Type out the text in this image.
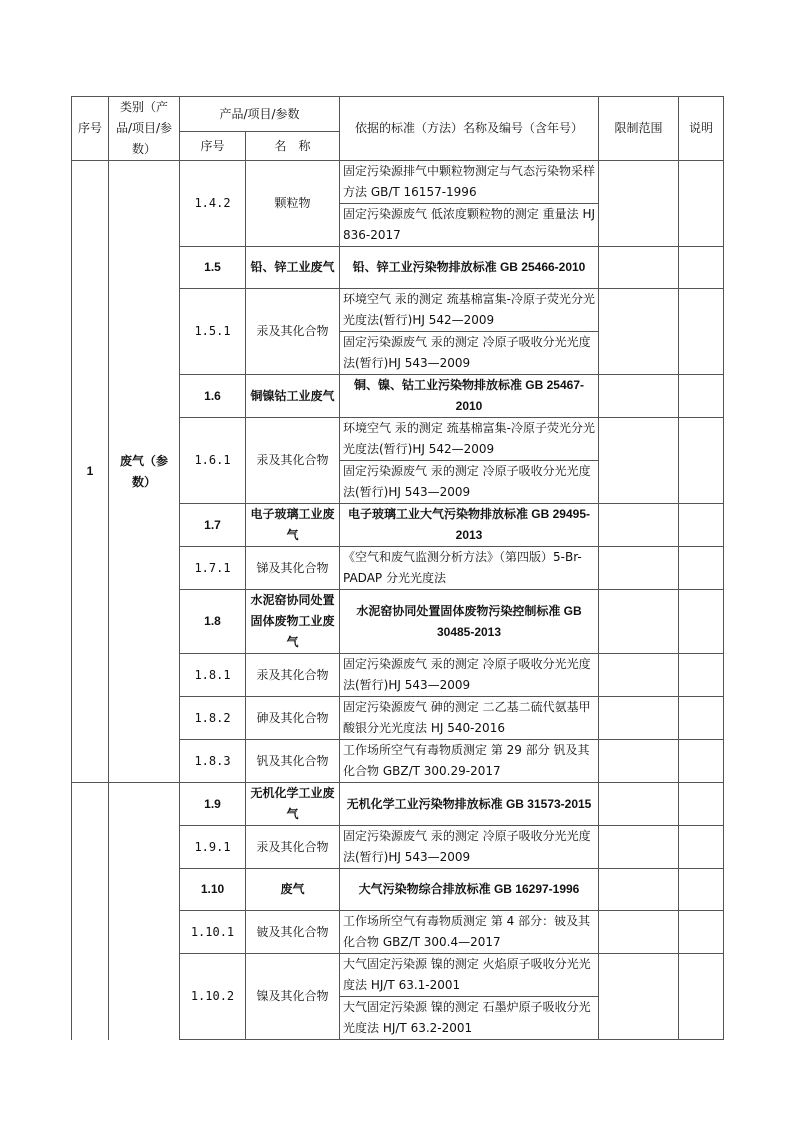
序号	类别（产品/项目/参数）	产品/项目/参数		依据的标准（方法）名称及编号（含年号）	限制范围	说明
		序号	名　称			
1	废气（参数）	1.4.2	颗粒物	固定污染源排气中颗粒物测定与气态污染物采样方法 GB/T 16157-1996		
				固定污染源废气 低浓度颗粒物的测定 重量法 HJ 836-2017		
		1.5	铅、锌工业废气	铅、锌工业污染物排放标准 GB 25466-2010		
		1.5.1	汞及其化合物	环境空气 汞的测定 巯基棉富集-冷原子荧光分光光度法(暂行)HJ 542—2009		
				固定污染源废气 汞的测定 冷原子吸收分光光度法(暂行)HJ 543—2009		
		1.6	铜镍钴工业废气	铜、镍、钴工业污染物排放标准 GB 25467-2010		
		1.6.1	汞及其化合物	环境空气 汞的测定 巯基棉富集-冷原子荧光分光光度法(暂行)HJ 542—2009		
				固定污染源废气 汞的测定 冷原子吸收分光光度法(暂行)HJ 543—2009		
		1.7	电子玻璃工业废气	电子玻璃工业大气污染物排放标准 GB 29495-2013		
		1.7.1	锑及其化合物	《空气和废气监测分析方法》（第四版）5-Br-PADAP 分光光度法		
		1.8	水泥窑协同处置固体废物工业废气	水泥窑协同处置固体废物污染控制标准 GB 30485-2013		
		1.8.1	汞及其化合物	固定污染源废气 汞的测定 冷原子吸收分光光度法(暂行)HJ 543—2009		
		1.8.2	砷及其化合物	固定污染源废气 砷的测定 二乙基二硫代氨基甲酸银分光光度法 HJ 540-2016		
		1.8.3	钒及其化合物	工作场所空气有毒物质测定 第 29 部分 钒及其化合物 GBZ/T 300.29-2017		

		1.9	无机化学工业废气	无机化学工业污染物排放标准 GB 31573-2015		
		1.9.1	汞及其化合物	固定污染源废气 汞的测定 冷原子吸收分光光度法(暂行)HJ 543—2009		
		1.10	废气	大气污染物综合排放标准 GB 16297-1996		
		1.10.1	铍及其化合物	工作场所空气有毒物质测定 第 4 部分：铍及其化合物 GBZ/T 300.4—2017		
		1.10.2	镍及其化合物	大气固定污染源 镍的测定 火焰原子吸收分光光度法 HJ/T 63.1-2001		
				大气固定污染源 镍的测定 石墨炉原子吸收分光光度法 HJ/T 63.2-2001		
